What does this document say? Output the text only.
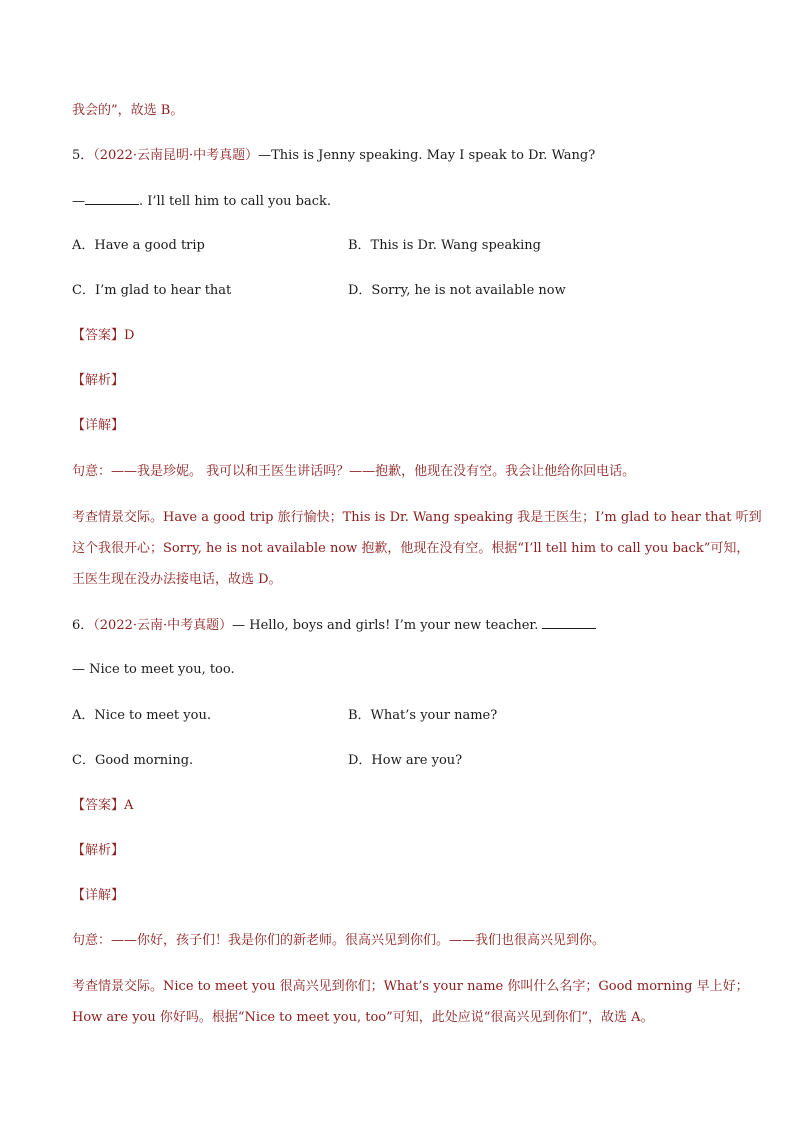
我会的”，故选 B。
5．（2022·云南昆明·中考真题）—This is Jenny speaking. May I speak to Dr. Wang?
—	. I’ll tell him to call you back.
A．Have a good trip	B．This is Dr. Wang speaking
C．I’m glad to hear that	D．Sorry, he is not available now
【答案】D
【解析】
【详解】
句意：——我是珍妮。 我可以和王医生讲话吗？——抱歉，他现在没有空。我会让他给你回电话。
考查情景交际。Have a good trip 旅行愉快；This is Dr. Wang speaking 我是王医生；I’m glad to hear that 听到
这个我很开心；Sorry, he is not available now 抱歉，他现在没有空。根据“I’ll tell him to call you back”可知，
王医生现在没办法接电话，故选 D。
6．（2022·云南·中考真题）— Hello, boys and girls! I’m your new teacher.
— Nice to meet you, too.
A．Nice to meet you.	B．What’s your name?
C．Good morning.	D．How are you?
【答案】A
【解析】
【详解】
句意：——你好，孩子们！我是你们的新老师。很高兴见到你们。——我们也很高兴见到你。
考查情景交际。Nice to meet you 很高兴见到你们；What’s your name 你叫什么名字；Good morning 早上好；
How are you 你好吗。根据“Nice to meet you, too”可知，此处应说“很高兴见到你们”，故选 A。
